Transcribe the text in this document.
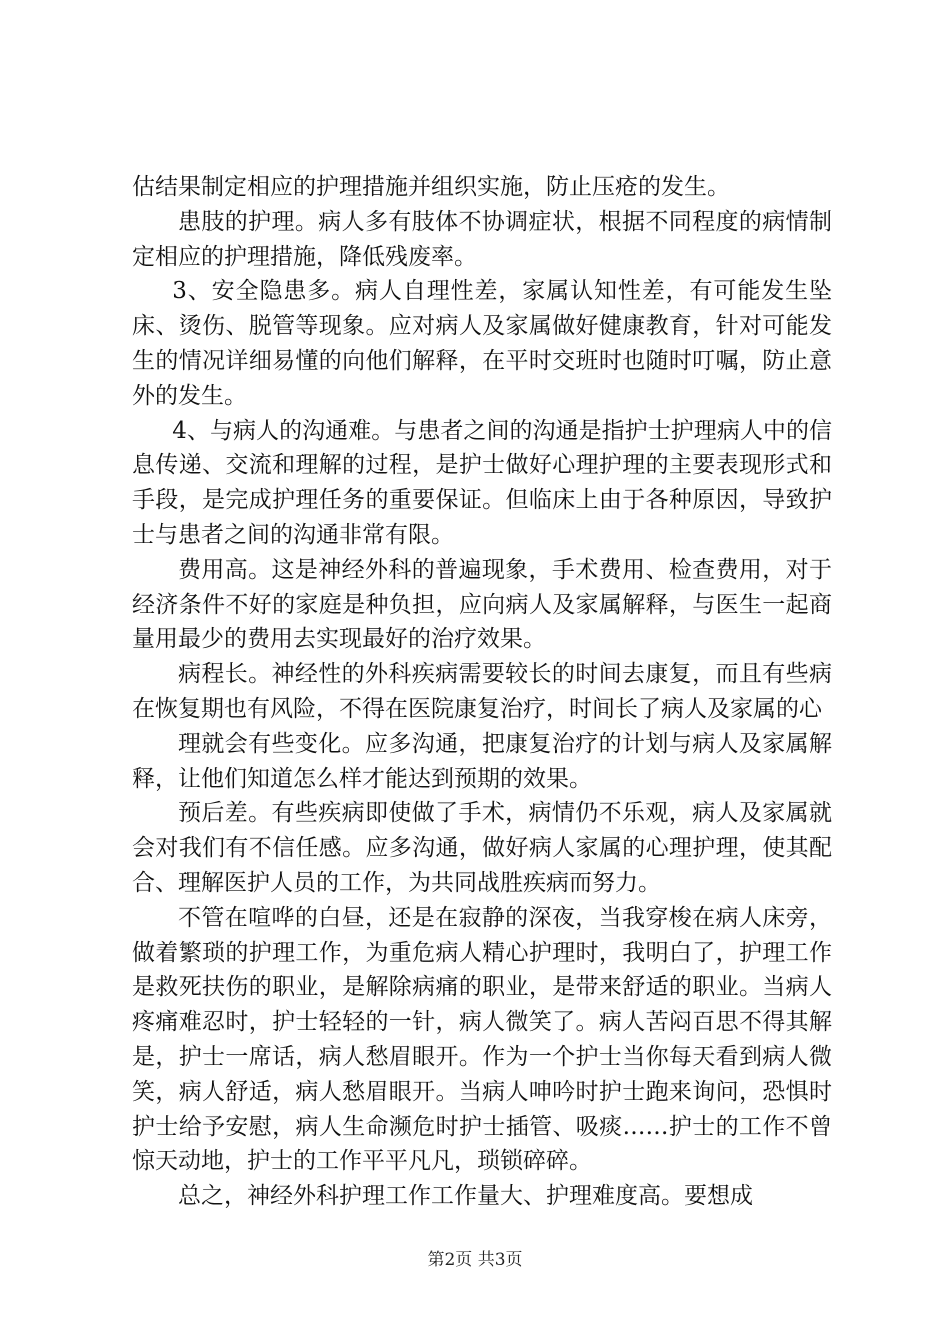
估结果制定相应的护理措施并组织实施，防止压疮的发生。

患肢的护理。病人多有肢体不协调症状，根据不同程度的病情制定相应的护理措施，降低残废率。

3、安全隐患多。病人自理性差，家属认知性差，有可能发生坠床、烫伤、脱管等现象。应对病人及家属做好健康教育，针对可能发生的情况详细易懂的向他们解释，在平时交班时也随时叮嘱，防止意外的发生。

4、与病人的沟通难。与患者之间的沟通是指护士护理病人中的信息传递、交流和理解的过程，是护士做好心理护理的主要表现形式和手段，是完成护理任务的重要保证。但临床上由于各种原因，导致护士与患者之间的沟通非常有限。

费用高。这是神经外科的普遍现象，手术费用、检查费用，对于经济条件不好的家庭是种负担，应向病人及家属解释，与医生一起商量用最少的费用去实现最好的治疗效果。

病程长。神经性的外科疾病需要较长的时间去康复，而且有些病在恢复期也有风险，不得在医院康复治疗，时间长了病人及家属的心

理就会有些变化。应多沟通，把康复治疗的计划与病人及家属解释，让他们知道怎么样才能达到预期的效果。

预后差。有些疾病即使做了手术，病情仍不乐观，病人及家属就会对我们有不信任感。应多沟通，做好病人家属的心理护理，使其配合、理解医护人员的工作，为共同战胜疾病而努力。

不管在喧哗的白昼，还是在寂静的深夜，当我穿梭在病人床旁，做着繁琐的护理工作，为重危病人精心护理时，我明白了，护理工作是救死扶伤的职业，是解除病痛的职业，是带来舒适的职业。当病人疼痛难忍时，护士轻轻的一针，病人微笑了。病人苦闷百思不得其解是，护士一席话，病人愁眉眼开。作为一个护士当你每天看到病人微笑，病人舒适，病人愁眉眼开。当病人呻吟时护士跑来询问，恐惧时护士给予安慰，病人生命濒危时护士插管、吸痰……护士的工作不曾惊天动地，护士的工作平平凡凡，琐锁碎碎。

总之，神经外科护理工作工作量大、护理难度高。要想成

第2页 共3页
